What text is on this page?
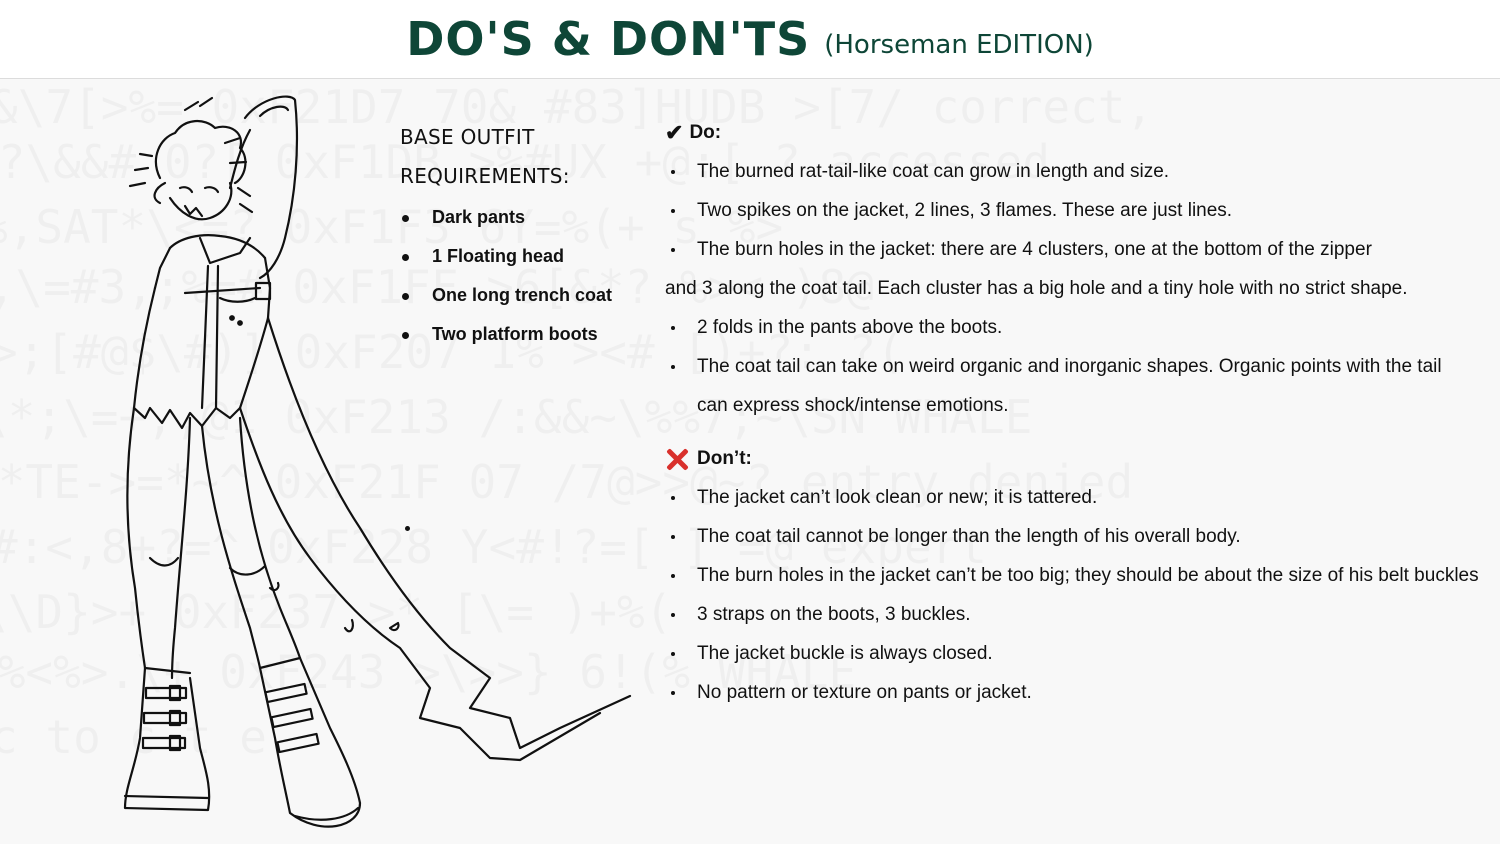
DO'S & DON'TS (Horseman EDITION)
BASE OUTFIT REQUIREMENTS:
Dark pants
1 Floating head
One long trench coat
Two platform boots
✔ Do:
The burned rat-tail-like coat can grow in length and size.
Two spikes on the jacket, 2 lines, 3 flames. These are just lines.
The burn holes in the jacket: there are 4 clusters, one at the bottom of the zipper
and 3 along the coat tail. Each cluster has a big hole and a tiny hole with no strict shape.
2 folds in the pants above the boots.
The coat tail can take on weird organic and inorganic shapes. Organic points with the tail
can express shock/intense emotions.
Don’t:
The jacket can’t look clean or new; it is tattered.
The coat tail cannot be longer than the length of his overall body.
The burn holes in the jacket can’t be too big; they should be about the size of his belt buckles
3 straps on the boots, 3 buckles.
The jacket buckle is always closed.
No pattern or texture on pants or jacket.
